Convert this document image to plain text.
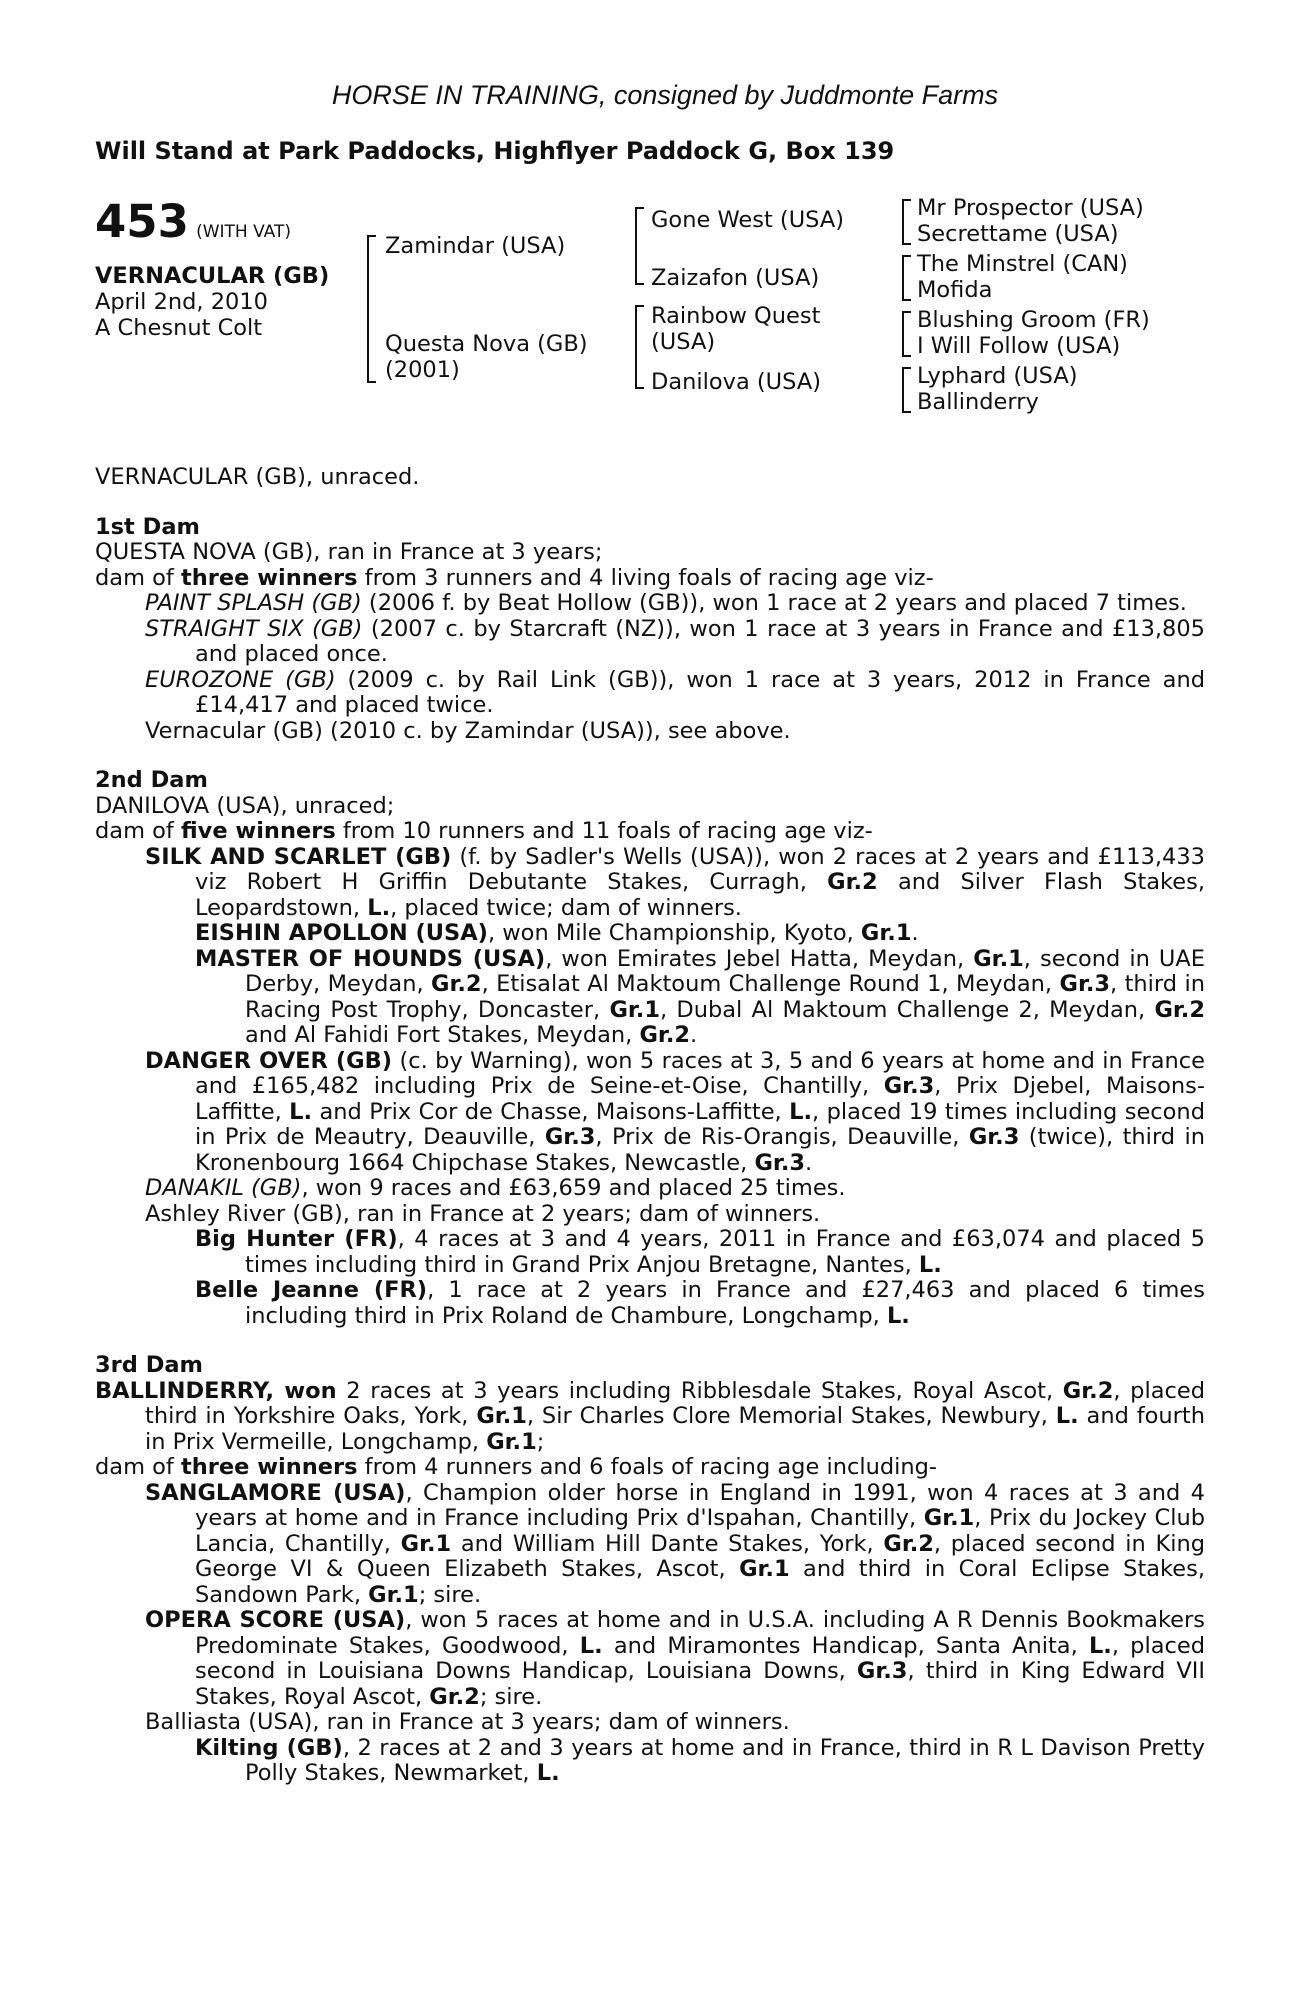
HORSE IN TRAINING, consigned by Juddmonte Farms
Will Stand at Park Paddocks, Highflyer Paddock G, Box 139
453 (WITH VAT)
VERNACULAR (GB)
April 2nd, 2010
A Chesnut Colt
Zamindar (USA)
Questa Nova (GB)
(2001)
Gone West (USA)
Zaizafon (USA)
Rainbow Quest
(USA)
Danilova (USA)
Mr Prospector (USA)
Secrettame (USA)
The Minstrel (CAN)
Mofida
Blushing Groom (FR)
I Will Follow (USA)
Lyphard (USA)
Ballinderry

VERNACULAR (GB), unraced.

1st Dam

QUESTA NOVA (GB), ran in France at 3 years;

dam of three winners from 3 runners and 4 living foals of racing age viz-

PAINT SPLASH (GB) (2006 f. by Beat Hollow (GB)), won 1 race at 2 years and placed 7 times.

STRAIGHT SIX (GB) (2007 c. by Starcraft (NZ)), won 1 race at 3 years in France and £13,805 and placed once.

EUROZONE (GB) (2009 c. by Rail Link (GB)), won 1 race at 3 years, 2012 in France and £14,417 and placed twice.

Vernacular (GB) (2010 c. by Zamindar (USA)), see above.

2nd Dam

DANILOVA (USA), unraced;

dam of five winners from 10 runners and 11 foals of racing age viz-

SILK AND SCARLET (GB) (f. by Sadler's Wells (USA)), won 2 races at 2 years and £113,433 viz Robert H Griffin Debutante Stakes, Curragh, Gr.2 and Silver Flash Stakes, Leopardstown, L., placed twice; dam of winners.

EISHIN APOLLON (USA), won Mile Championship, Kyoto, Gr.1.

MASTER OF HOUNDS (USA), won Emirates Jebel Hatta, Meydan, Gr.1, second in UAE Derby, Meydan, Gr.2, Etisalat Al Maktoum Challenge Round 1, Meydan, Gr.3, third in Racing Post Trophy, Doncaster, Gr.1, Dubal Al Maktoum Challenge 2, Meydan, Gr.2 and Al Fahidi Fort Stakes, Meydan, Gr.2.

DANGER OVER (GB) (c. by Warning), won 5 races at 3, 5 and 6 years at home and in France and £165,482 including Prix de Seine-et-Oise, Chantilly, Gr.3, Prix Djebel, Maisons-Laffitte, L. and Prix Cor de Chasse, Maisons-Laffitte, L., placed 19 times including second in Prix de Meautry, Deauville, Gr.3, Prix de Ris-Orangis, Deauville, Gr.3 (twice), third in Kronenbourg 1664 Chipchase Stakes, Newcastle, Gr.3.

DANAKIL (GB), won 9 races and £63,659 and placed 25 times.

Ashley River (GB), ran in France at 2 years; dam of winners.

Big Hunter (FR), 4 races at 3 and 4 years, 2011 in France and £63,074 and placed 5 times including third in Grand Prix Anjou Bretagne, Nantes, L.

Belle Jeanne (FR), 1 race at 2 years in France and £27,463 and placed 6 times including third in Prix Roland de Chambure, Longchamp, L.

3rd Dam

BALLINDERRY, won 2 races at 3 years including Ribblesdale Stakes, Royal Ascot, Gr.2, placed third in Yorkshire Oaks, York, Gr.1, Sir Charles Clore Memorial Stakes, Newbury, L. and fourth in Prix Vermeille, Longchamp, Gr.1;

dam of three winners from 4 runners and 6 foals of racing age including-

SANGLAMORE (USA), Champion older horse in England in 1991, won 4 races at 3 and 4 years at home and in France including Prix d'Ispahan, Chantilly, Gr.1, Prix du Jockey Club Lancia, Chantilly, Gr.1 and William Hill Dante Stakes, York, Gr.2, placed second in King George VI & Queen Elizabeth Stakes, Ascot, Gr.1 and third in Coral Eclipse Stakes, Sandown Park, Gr.1; sire.

OPERA SCORE (USA), won 5 races at home and in U.S.A. including A R Dennis Bookmakers Predominate Stakes, Goodwood, L. and Miramontes Handicap, Santa Anita, L., placed second in Louisiana Downs Handicap, Louisiana Downs, Gr.3, third in King Edward VII Stakes, Royal Ascot, Gr.2; sire.

Balliasta (USA), ran in France at 3 years; dam of winners.

Kilting (GB), 2 races at 2 and 3 years at home and in France, third in R L Davison Pretty Polly Stakes, Newmarket, L.
